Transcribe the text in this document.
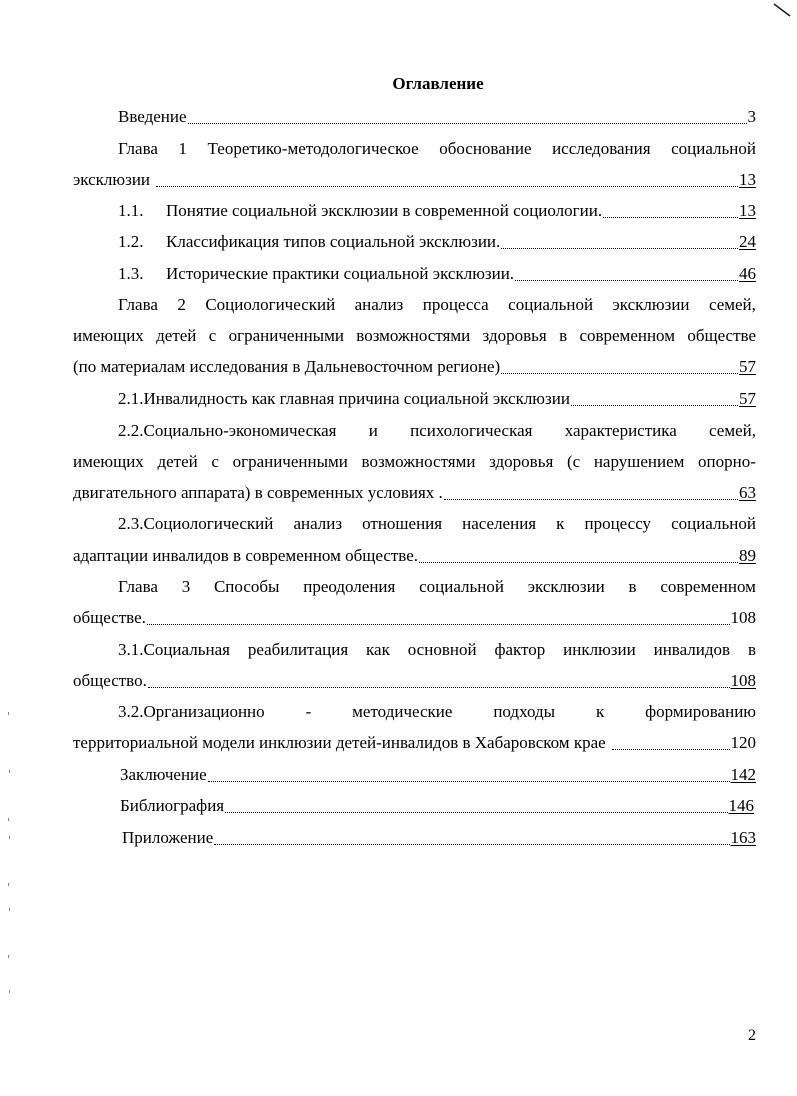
Оглавление
Введение	3
Глава 1 Теоретико-методологическое обоснование исследования социальной
эксклюзии	13
1.1.	Понятие социальной эксклюзии в современной социологии.	13
1.2.	Классификация типов социальной эксклюзии.	24
1.3.	Исторические практики социальной эксклюзии.	46
Глава 2 Социологический анализ процесса социальной эксклюзии семей,
имеющих детей с ограниченными возможностями здоровья в современном обществе
(по материалам исследования в Дальневосточном регионе)	57
2.1.Инвалидность как главная причина социальной эксклюзии	57
2.2.Социально-экономическая и психологическая характеристика семей,
имеющих детей с ограниченными возможностями здоровья (с нарушением опорно-
двигательного аппарата) в современных условиях .	63
2.3.Социологический анализ отношения населения к процессу социальной
адаптации инвалидов в современном обществе.	89
Глава 3 Способы преодоления социальной эксклюзии в современном
обществе.	108
3.1.Социальная реабилитация как основной фактор инклюзии инвалидов в
общество.	108
3.2.Организационно - методические подходы к формированию
территориальной модели инклюзии детей-инвалидов в Хабаровском крае	120
Заключение	142
Библиография	146
Приложение	163
2
